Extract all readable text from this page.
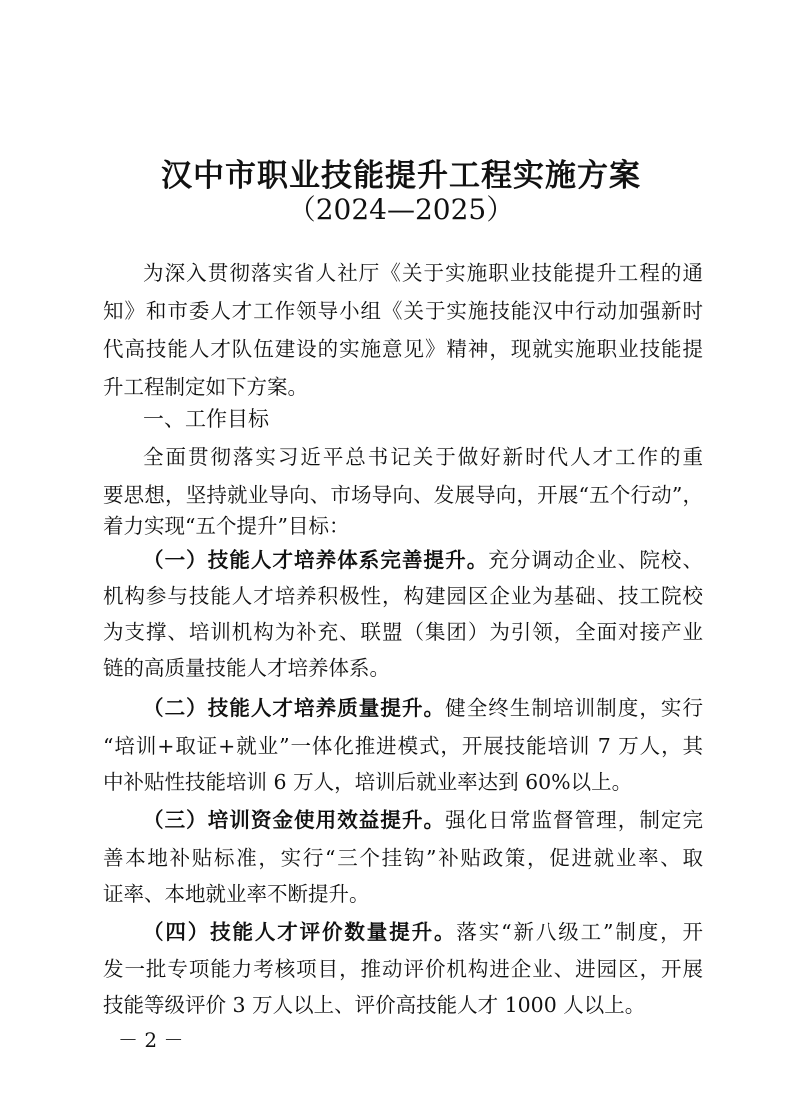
汉中市职业技能提升工程实施方案
（2024—2025）
为深入贯彻落实省人社厅《关于实施职业技能提升工程的通
知》和市委人才工作领导小组《关于实施技能汉中行动加强新时
代高技能人才队伍建设的实施意见》精神，现就实施职业技能提
升工程制定如下方案。
一、工作目标
全面贯彻落实习近平总书记关于做好新时代人才工作的重
要思想，坚持就业导向、市场导向、发展导向，开展“五个行动”，
着力实现“五个提升”目标：
（一）技能人才培养体系完善提升。充分调动企业、院校、
机构参与技能人才培养积极性，构建园区企业为基础、技工院校
为支撑、培训机构为补充、联盟（集团）为引领，全面对接产业
链的高质量技能人才培养体系。
（二）技能人才培养质量提升。健全终生制培训制度，实行
“培训+取证+就业”一体化推进模式，开展技能培训 7 万人，其
中补贴性技能培训 6 万人，培训后就业率达到 60%以上。
（三）培训资金使用效益提升。强化日常监督管理，制定完
善本地补贴标准，实行“三个挂钩”补贴政策，促进就业率、取
证率、本地就业率不断提升。
（四）技能人才评价数量提升。落实“新八级工”制度，开
发一批专项能力考核项目，推动评价机构进企业、进园区，开展
技能等级评价 3 万人以上、评价高技能人才 1000 人以上。
－ 2 －
